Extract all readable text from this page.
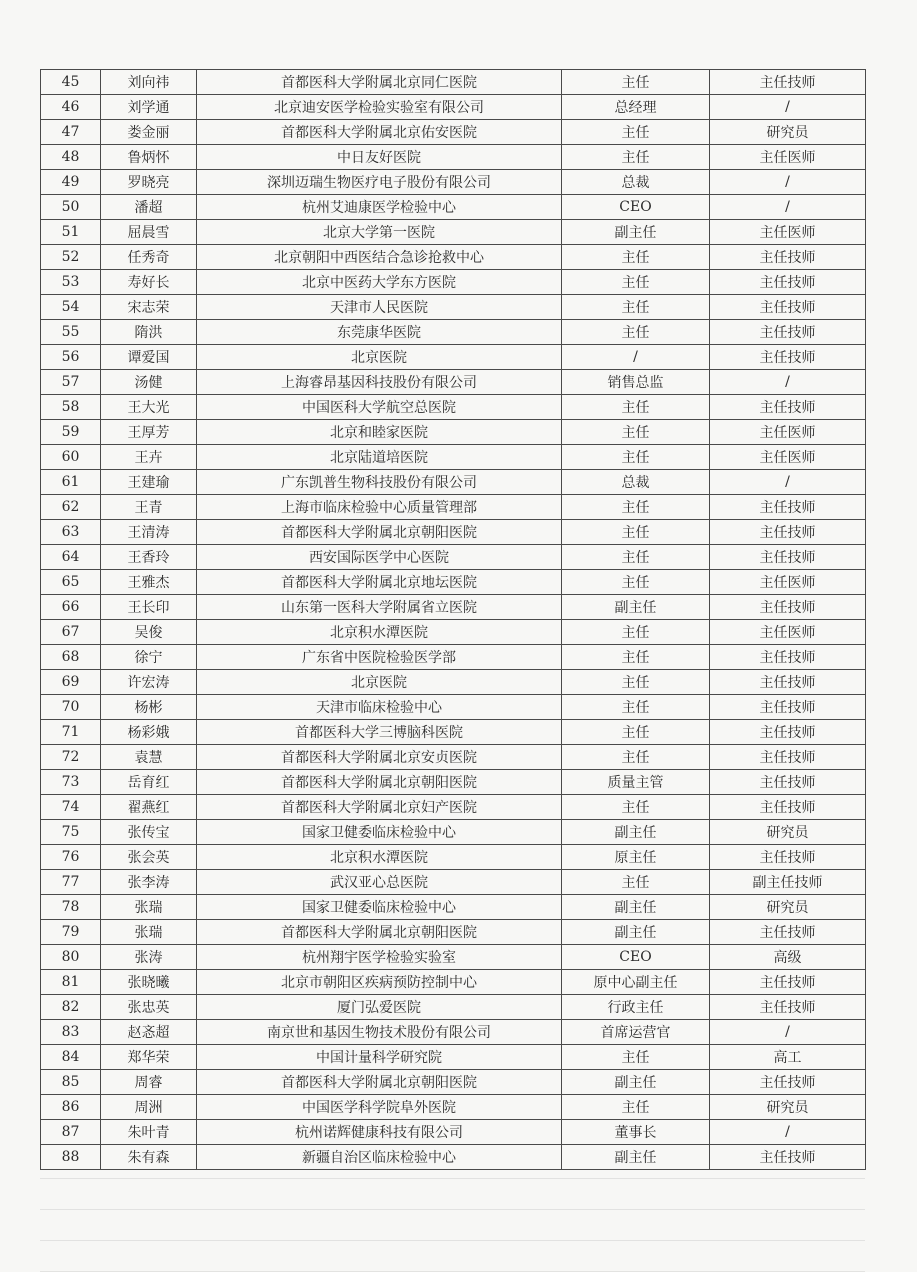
45	刘向祎	首都医科大学附属北京同仁医院	主任	主任技师
46	刘学通	北京迪安医学检验实验室有限公司	总经理	/
47	娄金丽	首都医科大学附属北京佑安医院	主任	研究员
48	鲁炳怀	中日友好医院	主任	主任医师
49	罗晓亮	深圳迈瑞生物医疗电子股份有限公司	总裁	/
50	潘超	杭州艾迪康医学检验中心	CEO	/
51	屈晨雪	北京大学第一医院	副主任	主任医师
52	任秀奇	北京朝阳中西医结合急诊抢救中心	主任	主任技师
53	寿好长	北京中医药大学东方医院	主任	主任技师
54	宋志荣	天津市人民医院	主任	主任技师
55	隋洪	东莞康华医院	主任	主任技师
56	谭爱国	北京医院	/	主任技师
57	汤健	上海睿昂基因科技股份有限公司	销售总监	/
58	王大光	中国医科大学航空总医院	主任	主任技师
59	王厚芳	北京和睦家医院	主任	主任医师
60	王卉	北京陆道培医院	主任	主任医师
61	王建瑜	广东凯普生物科技股份有限公司	总裁	/
62	王青	上海市临床检验中心质量管理部	主任	主任技师
63	王清涛	首都医科大学附属北京朝阳医院	主任	主任技师
64	王香玲	西安国际医学中心医院	主任	主任技师
65	王雅杰	首都医科大学附属北京地坛医院	主任	主任医师
66	王长印	山东第一医科大学附属省立医院	副主任	主任技师
67	吴俊	北京积水潭医院	主任	主任医师
68	徐宁	广东省中医院检验医学部	主任	主任技师
69	许宏涛	北京医院	主任	主任技师
70	杨彬	天津市临床检验中心	主任	主任技师
71	杨彩娥	首都医科大学三博脑科医院	主任	主任技师
72	袁慧	首都医科大学附属北京安贞医院	主任	主任技师
73	岳育红	首都医科大学附属北京朝阳医院	质量主管	主任技师
74	翟燕红	首都医科大学附属北京妇产医院	主任	主任技师
75	张传宝	国家卫健委临床检验中心	副主任	研究员
76	张会英	北京积水潭医院	原主任	主任技师
77	张李涛	武汉亚心总医院	主任	副主任技师
78	张瑞	国家卫健委临床检验中心	副主任	研究员
79	张瑞	首都医科大学附属北京朝阳医院	副主任	主任技师
80	张涛	杭州翔宇医学检验实验室	CEO	高级
81	张晓曦	北京市朝阳区疾病预防控制中心	原中心副主任	主任技师
82	张忠英	厦门弘爱医院	行政主任	主任技师
83	赵忞超	南京世和基因生物技术股份有限公司	首席运营官	/
84	郑华荣	中国计量科学研究院	主任	高工
85	周睿	首都医科大学附属北京朝阳医院	副主任	主任技师
86	周洲	中国医学科学院阜外医院	主任	研究员
87	朱叶青	杭州诺辉健康科技有限公司	董事长	/
88	朱有森	新疆自治区临床检验中心	副主任	主任技师
